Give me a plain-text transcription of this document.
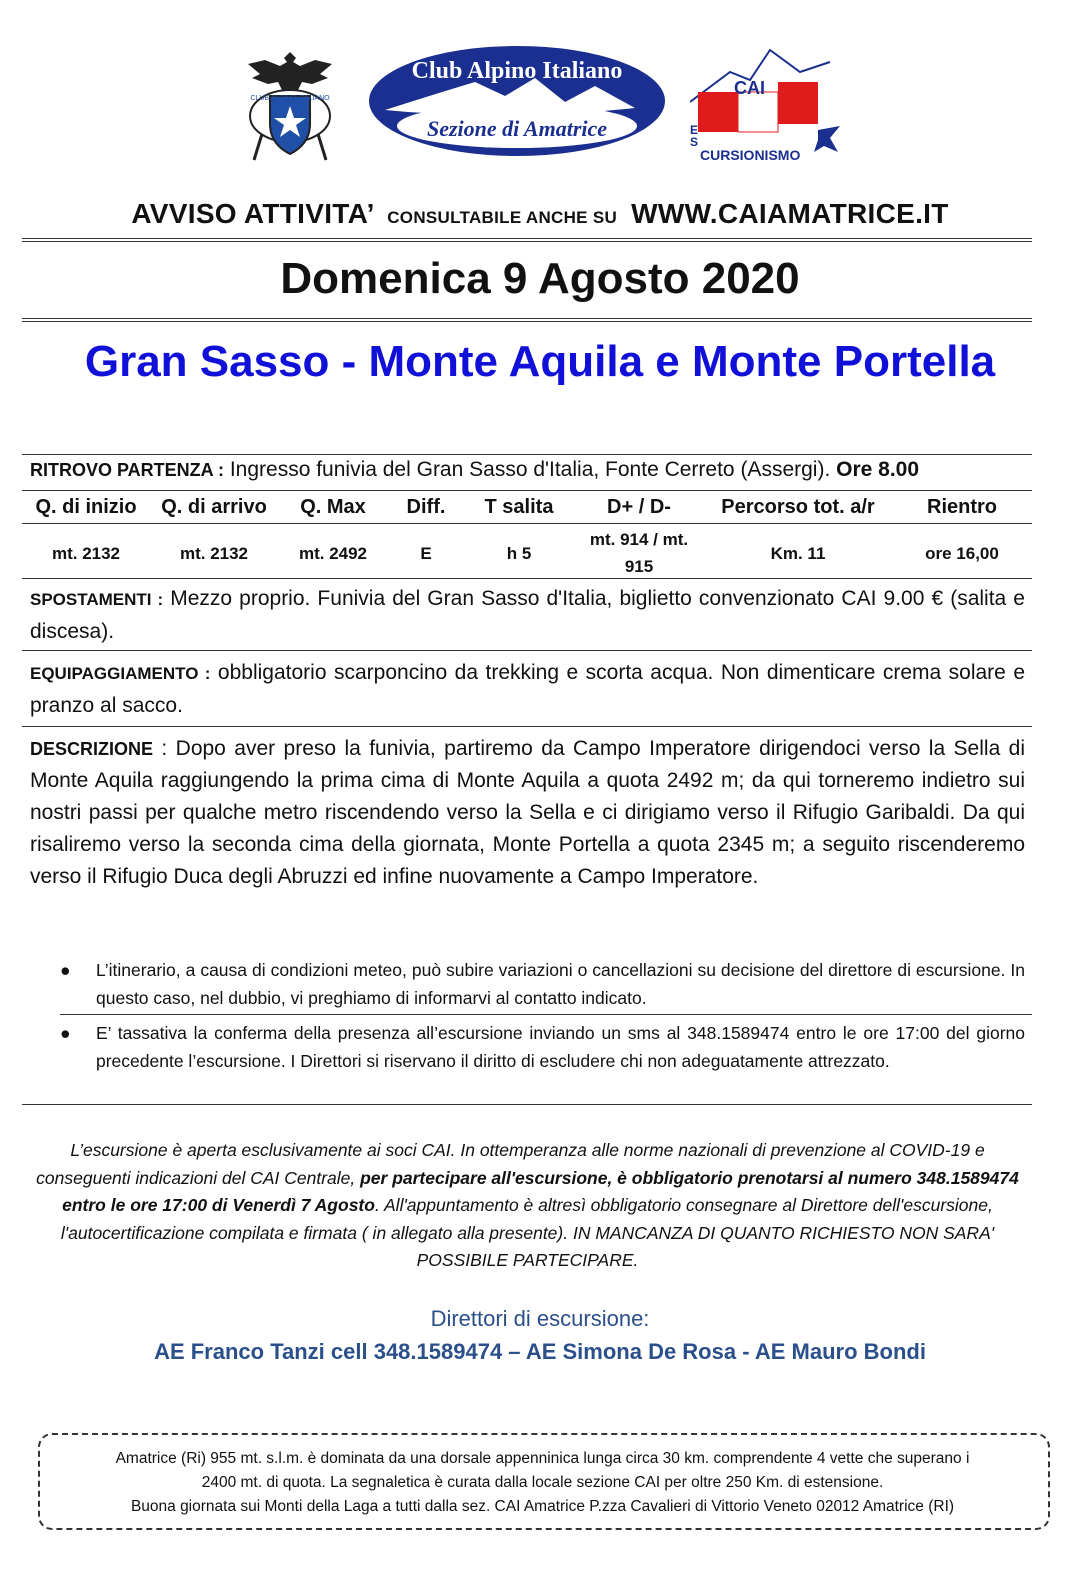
CLUB ALPINO ITALIANO
Club Alpino Italiano
Sezione di Amatrice
CAI
E
S
CURSIONISMO
AVVISO ATTIVITA’ CONSULTABILE ANCHE SU WWW.CAIAMATRICE.IT
Domenica 9 Agosto 2020
Gran Sasso - Monte Aquila e Monte Portella
RITROVO PARTENZA : Ingresso funivia del Gran Sasso d'Italia, Fonte Cerreto (Assergi). Ore 8.00
Q. di inizio	Q. di arrivo	Q. Max	Diff.	T salita	D+ / D-	Percorso tot. a/r	Rientro
mt. 2132	mt. 2132	mt. 2492	E	h 5	mt. 914 / mt. 915	Km. 11	ore 16,00
SPOSTAMENTI : Mezzo proprio. Funivia del Gran Sasso d'Italia, biglietto convenzionato CAI 9.00 € (salita e discesa).
EQUIPAGGIAMENTO : obbligatorio scarponcino da trekking e scorta acqua. Non dimenticare crema solare e pranzo al sacco.
DESCRIZIONE : Dopo aver preso la funivia, partiremo da Campo Imperatore dirigendoci verso la Sella di Monte Aquila raggiungendo la prima cima di Monte Aquila a quota 2492 m; da qui torneremo indietro sui nostri passi per qualche metro riscendendo verso la Sella e ci dirigiamo verso il Rifugio Garibaldi. Da qui risaliremo verso la seconda cima della giornata, Monte Portella a quota 2345 m; a seguito riscenderemo verso il Rifugio Duca degli Abruzzi ed infine nuovamente a Campo Imperatore.
● L’itinerario, a causa di condizioni meteo, può subire variazioni o cancellazioni su decisione del direttore di escursione. In questo caso, nel dubbio, vi preghiamo di informarvi al contatto indicato.
● E’ tassativa la conferma della presenza all’escursione inviando un sms al 348.1589474 entro le ore 17:00 del giorno precedente l’escursione. I Direttori si riservano il diritto di escludere chi non adeguatamente attrezzato.
L’escursione è aperta esclusivamente ai soci CAI. In ottemperanza alle norme nazionali di prevenzione al COVID-19 e conseguenti indicazioni del CAI Centrale, per partecipare all'escursione, è obbligatorio prenotarsi al numero 348.1589474 entro le ore 17:00 di Venerdì 7 Agosto. All'appuntamento è altresì obbligatorio consegnare al Direttore dell'escursione, l'autocertificazione compilata e firmata ( in allegato alla presente). IN MANCANZA DI QUANTO RICHIESTO NON SARA' POSSIBILE PARTECIPARE.
Direttori di escursione:
AE Franco Tanzi cell 348.1589474 – AE Simona De Rosa - AE Mauro Bondi
Amatrice (Ri) 955 mt. s.l.m. è dominata da una dorsale appenninica lunga circa 30 km. comprendente 4 vette che superano i
2400 mt. di quota. La segnaletica è curata dalla locale sezione CAI per oltre 250 Km. di estensione.
Buona giornata sui Monti della Laga a tutti dalla sez. CAI Amatrice P.zza Cavalieri di Vittorio Veneto 02012 Amatrice (RI)
